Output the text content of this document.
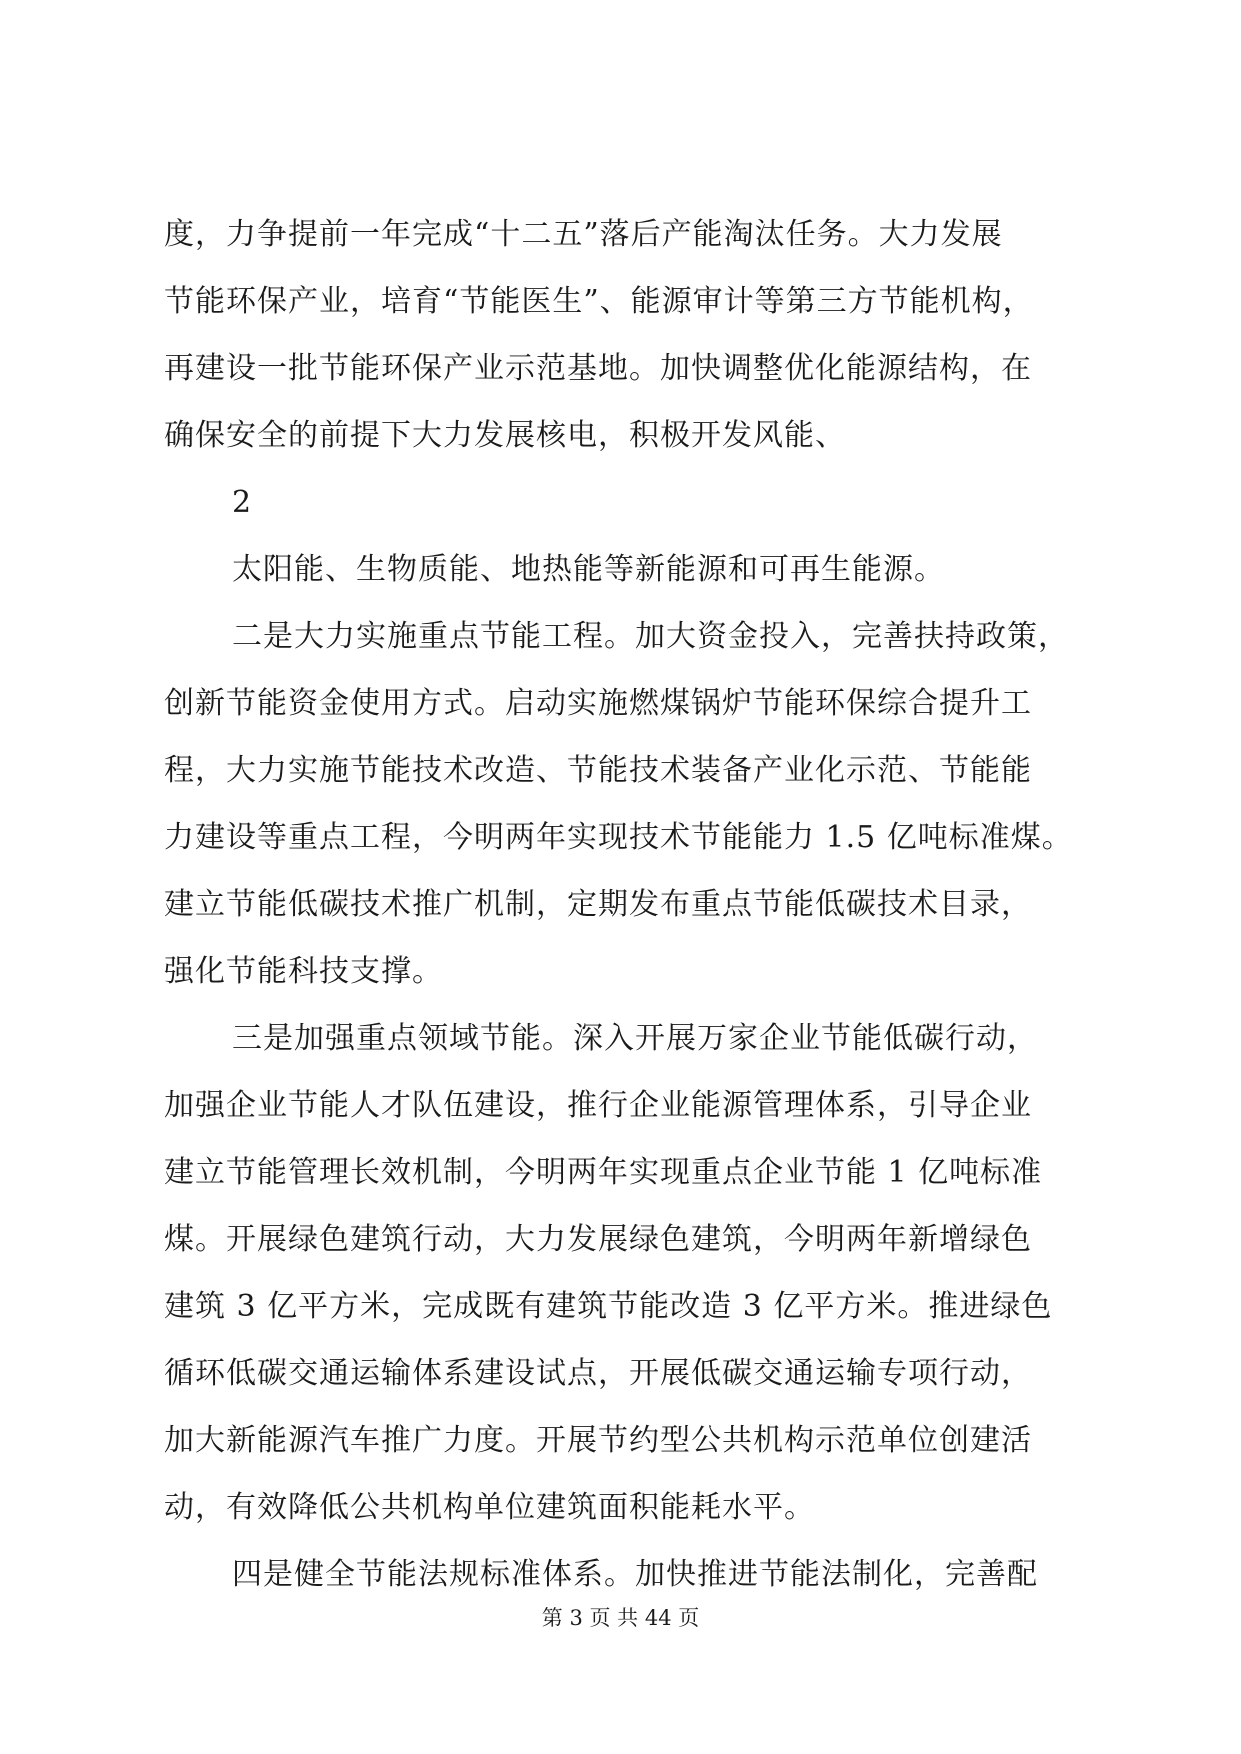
度，力争提前一年完成“十二五”落后产能淘汰任务。大力发展
节能环保产业，培育“节能医生”、能源审计等第三方节能机构，
再建设一批节能环保产业示范基地。加快调整优化能源结构，在
确保安全的前提下大力发展核电，积极开发风能、
2
太阳能、生物质能、地热能等新能源和可再生能源。
二是大力实施重点节能工程。加大资金投入，完善扶持政策，
创新节能资金使用方式。启动实施燃煤锅炉节能环保综合提升工
程，大力实施节能技术改造、节能技术装备产业化示范、节能能
力建设等重点工程，今明两年实现技术节能能力 1.5 亿吨标准煤。
建立节能低碳技术推广机制，定期发布重点节能低碳技术目录，
强化节能科技支撑。
三是加强重点领域节能。深入开展万家企业节能低碳行动，
加强企业节能人才队伍建设，推行企业能源管理体系，引导企业
建立节能管理长效机制，今明两年实现重点企业节能 1 亿吨标准
煤。开展绿色建筑行动，大力发展绿色建筑，今明两年新增绿色
建筑 3 亿平方米，完成既有建筑节能改造 3 亿平方米。推进绿色
循环低碳交通运输体系建设试点，开展低碳交通运输专项行动，
加大新能源汽车推广力度。开展节约型公共机构示范单位创建活
动，有效降低公共机构单位建筑面积能耗水平。
四是健全节能法规标准体系。加快推进节能法制化，完善配
第 3 页 共 44 页
